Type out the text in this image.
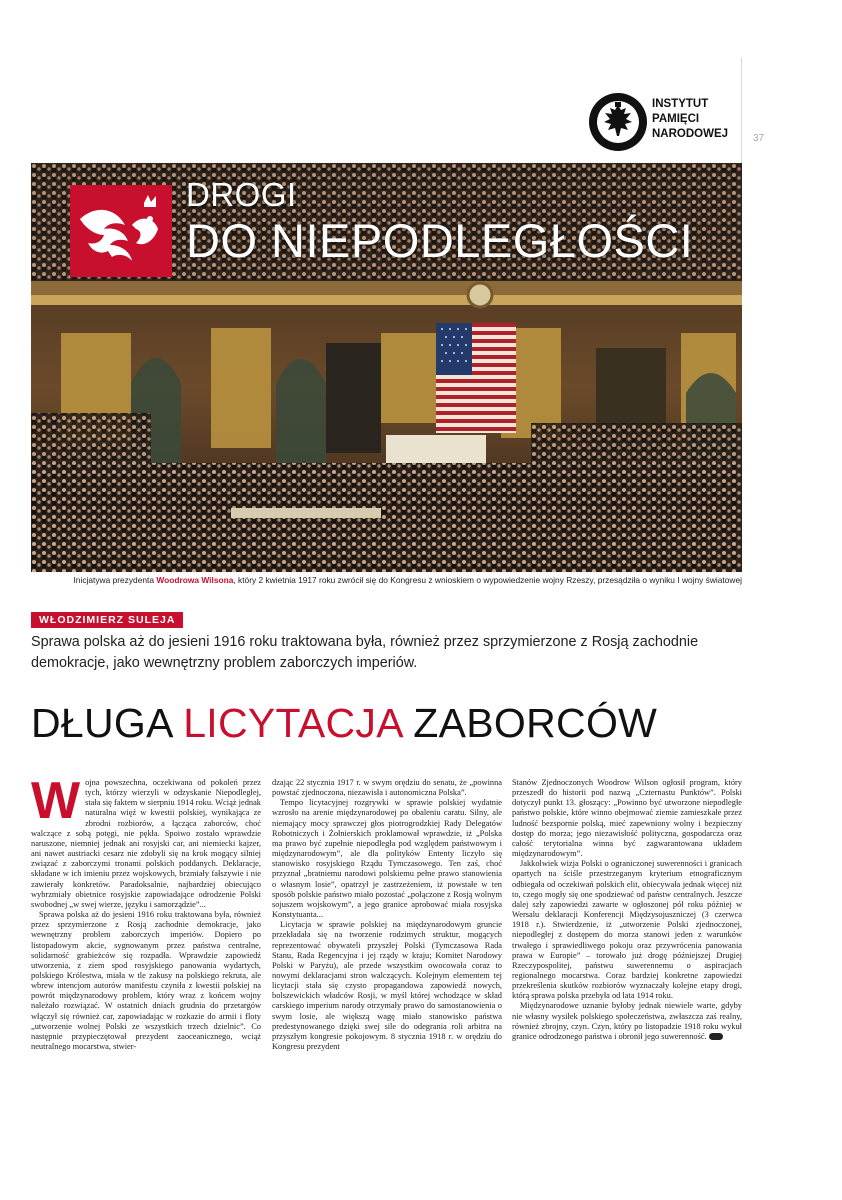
INSTYTUT
PAMIĘCI
NARODOWEJ	37
DROGI
DO NIEPODLEGŁOŚCI
Inicjatywa prezydenta Woodrowa Wilsona, który 2 kwietnia 1917 roku zwrócił się do Kongresu z wnioskiem o wypowiedzenie wojny Rzeszy, przesądziła o wyniku I wojny światowej
WŁODZIMIERZ SULEJA
Sprawa polska aż do jesieni 1916 roku traktowana była, również przez sprzymierzone z Rosją zachodnie demokracje, jako wewnętrzny problem zaborczych imperiów.
DŁUGA LICYTACJA ZABORCÓW
W ojna powszechna, oczekiwana od pokoleń przez tych, którzy wierzyli w odzyskanie Niepodległej, stała się faktem w sierpniu 1914 roku. Wciąż jednak naturalna więź w kwestii polskiej, wynikająca ze zbrodni rozbiorów, a łącząca zaborców, choć walczące z sobą potęgi, nie pękła. Spoiwo zostało wprawdzie naruszone, niemniej jednak ani rosyjski car, ani niemiecki kajzer, ani nawet austriacki cesarz nie zdobyli się na krok mogący silniej związać z zaborczymi tronami polskich poddanych. Deklaracje, składane w ich imieniu przez wojskowych, brzmiały fałszywie i nie zawierały konkretów. Paradoksalnie, najbardziej obiecująco wybrzmiały obietnice rosyjskie zapowiadające odrodzenie Polski swobodnej „w swej wierze, języku i samorządzie”...

Sprawa polska aż do jesieni 1916 roku traktowana była, również przez sprzymierzone z Rosją zachodnie demokracje, jako wewnętrzny problem zaborczych imperiów. Dopiero po listopadowym akcie, sygnowanym przez państwa centralne, solidarność grabieżców się rozpadła. Wprawdzie zapowiedź utworzenia, z ziem spod rosyjskiego panowania wydartych, polskiego Królestwa, miała w tle zakusy na polskiego rekruta, ale wbrew intencjom autorów manifestu czyniła z kwestii polskiej na powrót międzynarodowy problem, który wraz z końcem wojny należało rozwiązać. W ostatnich dniach grudnia do przetargów włączył się również car, zapowiadając w rozkazie do armii i floty „utworzenie wolnej Polski ze wszystkich trzech dzielnic”. Co następnie przypieczętował prezydent zaoceanicznego, wciąż neutralnego mocarstwa, stwier-

dzając 22 stycznia 1917 r. w swym orędziu do senatu, że „powinna powstać zjednoczona, niezawisła i autonomiczna Polska”.

Tempo licytacyjnej rozgrywki w sprawie polskiej wydatnie wzrosło na arenie międzynarodowej po obaleniu caratu. Silny, ale niemający mocy sprawczej głos piotrogrodzkiej Rady Delegatów Robotniczych i Żołnierskich proklamował wprawdzie, iż „Polska ma prawo być zupełnie niepodległa pod względem państwowym i międzynarodowym”, ale dla polityków Ententy liczyło się stanowisko rosyjskiego Rządu Tymczasowego. Ten zaś, choć przyznał „bratniemu narodowi polskiemu pełne prawo stanowienia o własnym losie”, opatrzył je zastrzeżeniem, iż powstałe w ten sposób polskie państwo miało pozostać „połączone z Rosją wolnym sojuszem wojskowym”, a jego granice aprobować miała rosyjska Konstytuanta...

Licytacja w sprawie polskiej na międzynarodowym gruncie przekładała się na tworzenie rodzimych struktur, mogących reprezentować obywateli przyszłej Polski (Tymczasowa Rada Stanu, Rada Regencyjna i jej rządy w kraju; Komitet Narodowy Polski w Paryżu), ale przede wszystkim owocowała coraz to nowymi deklaracjami stron walczących. Kolejnym elementem tej licytacji stała się czysto propagandowa zapowiedź nowych, bolszewickich władców Rosji, w myśl której wchodzące w skład carskiego imperium narody otrzymały prawo do samostanowienia o swym losie, ale większą wagę miało stanowisko państwa predestynowanego dzięki swej sile do odegrania roli arbitra na przyszłym kongresie pokojowym. 8 stycznia 1918 r. w orędziu do Kongresu prezydent

Stanów Zjednoczonych Woodrow Wilson ogłosił program, który przeszedł do historii pod nazwą „Czternastu Punktów”. Polski dotyczył punkt 13. głoszący: „Powinno być utworzone niepodległe państwo polskie, które winno obejmować ziemie zamieszkałe przez ludność bezspornie polską, mieć zapewniony wolny i bezpieczny dostęp do morza; jego niezawisłość polityczna, gospodarcza oraz całość terytorialna winna być zagwarantowana układem międzynarodowym”.

Jakkolwiek wizja Polski o ograniczonej suwerenności i granicach opartych na ściśle przestrzeganym kryterium etnograficznym odbiegała od oczekiwań polskich elit, obiecywała jednak więcej niż to, czego mogły się one spodziewać od państw centralnych. Jeszcze dalej szły zapowiedzi zawarte w ogłoszonej pół roku później w Wersalu deklaracji Konferencji Międzysojuszniczej (3 czerwca 1918 r.). Stwierdzenie, iż „utworzenie Polski zjednoczonej, niepodległej z dostępem do morza stanowi jeden z warunków trwałego i sprawiedliwego pokoju oraz przywrócenia panowania prawa w Europie” – torowało już drogę późniejszej Drugiej Rzeczypospolitej, państwu suwerennemu o aspiracjach regionalnego mocarstwa. Coraz bardziej konkretne zapowiedzi przekreślenia skutków rozbiorów wyznaczały kolejne etapy drogi, którą sprawa polska przebyła od lata 1914 roku.

Międzynarodowe uznanie byłoby jednak niewiele warte, gdyby nie własny wysiłek polskiego społeczeństwa, zwłaszcza zaś realny, również zbrojny, czyn. Czyn, który po listopadzie 1918 roku wykuł granice odrodzonego państwa i obronił jego suwerenność.
